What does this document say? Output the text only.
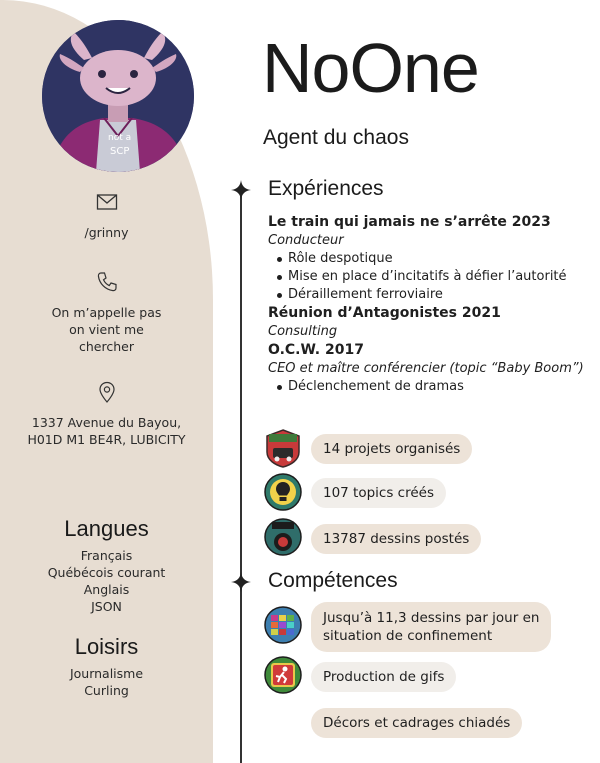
not a
SCP
/grinny
On m’appelle pas
on vient me
chercher
1337 Avenue du Bayou,
H01D M1 BE4R, LUBICITY
Langues
Français
Québécois courant
Anglais
JSON
Loisirs
Journalisme
Curling
NoOne
Agent du chaos
Expériences
Le train qui jamais ne s’arrête 2023
Conducteur
Rôle despotique
Mise en place d’incitatifs à défier l’autorité
Déraillement ferroviaire
Réunion d’Antagonistes 2021
Consulting
O.C.W. 2017
CEO et maître conférencier (topic “Baby Boom”)
Déclenchement de dramas
14 projets organisés
107 topics créés
13787 dessins postés
Compétences
Jusqu’à 11,3 dessins par jour en
situation de confinement
Production de gifs
Décors et cadrages chiadés
